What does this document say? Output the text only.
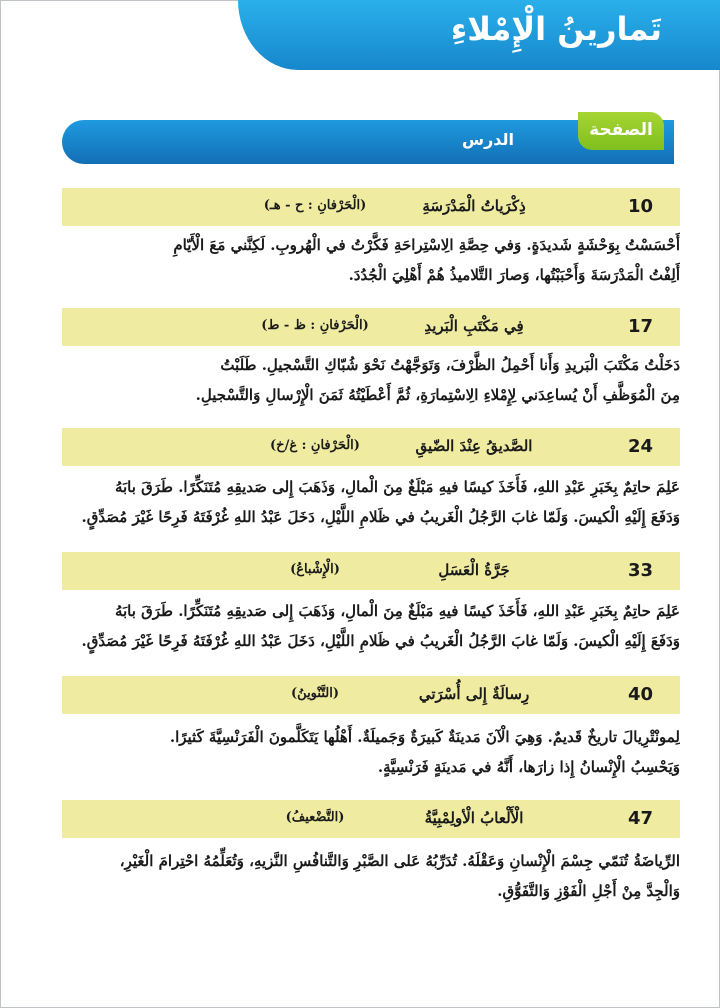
تَمارينُ الْإِمْلاءِ
الدرس	الصفحة
10
ذِكْرَياتُ الْمَدْرَسَةِ
(الْحَرْفانِ : ح - هـ)
أَحْسَسْتُ بِوَحْشَةٍ شَديدَةٍ. وَفي حِصَّةِ الِاسْتِراحَةِ فَكَّرْتُ في الْهُروبِ. لَكِنَّني مَعَ الْأَيّامِ
أَلِفْتُ الْمَدْرَسَةَ وَأَحْبَبْتُها، وَصارَ التَّلاميذُ هُمْ أَهْلِيَ الْجُدُدَ.
17
فِي مَكْتَبِ الْبَريدِ
(الْحَرْفانِ : ظ - ط)
دَخَلْتُ مَكْتَبَ الْبَريدِ وَأَنا أَحْمِلُ الظَّرْفَ، وَتَوَجَّهْتُ نَحْوَ شُبّاكِ التَّسْجيلِ. طَلَبْتُ
مِنَ الْمُوَظَّفِ أَنْ يُساعِدَني لِإِمْلاءِ الِاسْتِمارَةِ، ثُمَّ أَعْطَيْتُهُ ثَمَنَ الْإِرْسالِ وَالتَّسْجيلِ.
24
الصَّديقُ عِنْدَ الضّيقِ
(الْحَرْفانِ : غ/خ)
عَلِمَ حاتِمٌ بِخَبَرِ عَبْدِ اللهِ، فَأَخَذَ كيسًا فيهِ مَبْلَغٌ مِنَ الْمالِ، وَذَهَبَ إِلى صَديقِهِ مُتَنَكِّرًا. طَرَقَ بابَهُ
وَدَفَعَ إِلَيْهِ الْكيسَ. وَلَمّا غابَ الرَّجُلُ الْغَريبُ في ظَلامِ اللَّيْلِ، دَخَلَ عَبْدُ اللهِ غُرْفَتَهُ فَرِحًا غَيْرَ مُصَدِّقٍ.
33
جَرَّةُ الْعَسَلِ
(الْإِشْباعُ)
عَلِمَ حاتِمٌ بِخَبَرِ عَبْدِ اللهِ، فَأَخَذَ كيسًا فيهِ مَبْلَغٌ مِنَ الْمالِ، وَذَهَبَ إِلى صَديقِهِ مُتَنَكِّرًا. طَرَقَ بابَهُ
وَدَفَعَ إِلَيْهِ الْكيسَ. وَلَمّا غابَ الرَّجُلُ الْغَريبُ في ظَلامِ اللَّيْلِ، دَخَلَ عَبْدُ اللهِ غُرْفَتَهُ فَرِحًا غَيْرَ مُصَدِّقٍ.
40
رِسالَةٌ إِلى أُسْرَتي
(التَّنْوينُ)
لِمونْتْرِيالَ تاريخٌ قَديمٌ. وَهِيَ الْآنَ مَدينَةٌ كَبيرَةٌ وَجَميلَةٌ. أَهْلُها يَتَكَلَّمونَ الْفَرَنْسِيَّةَ كَثيرًا.
وَيَحْسِبُ الْإِنْسانُ إِذا زارَها، أَنَّهُ في مَدينَةٍ فَرَنْسِيَّةٍ.
47
الْأَلْعابُ الْأولِمْبِيَّةُ
(التَّضْعيفُ)
الرِّياضَةُ تُنَمّي جِسْمَ الْإِنْسانِ وَعَقْلَهُ. تُدَرِّبُهُ عَلى الصَّبْرِ وَالتَّنافُسِ النَّزيهِ، وَتُعَلِّمُهُ احْتِرامَ الْغَيْرِ،
وَالْجِدَّ مِنْ أَجْلِ الْفَوْزِ وَالتَّفَوُّقِ.
